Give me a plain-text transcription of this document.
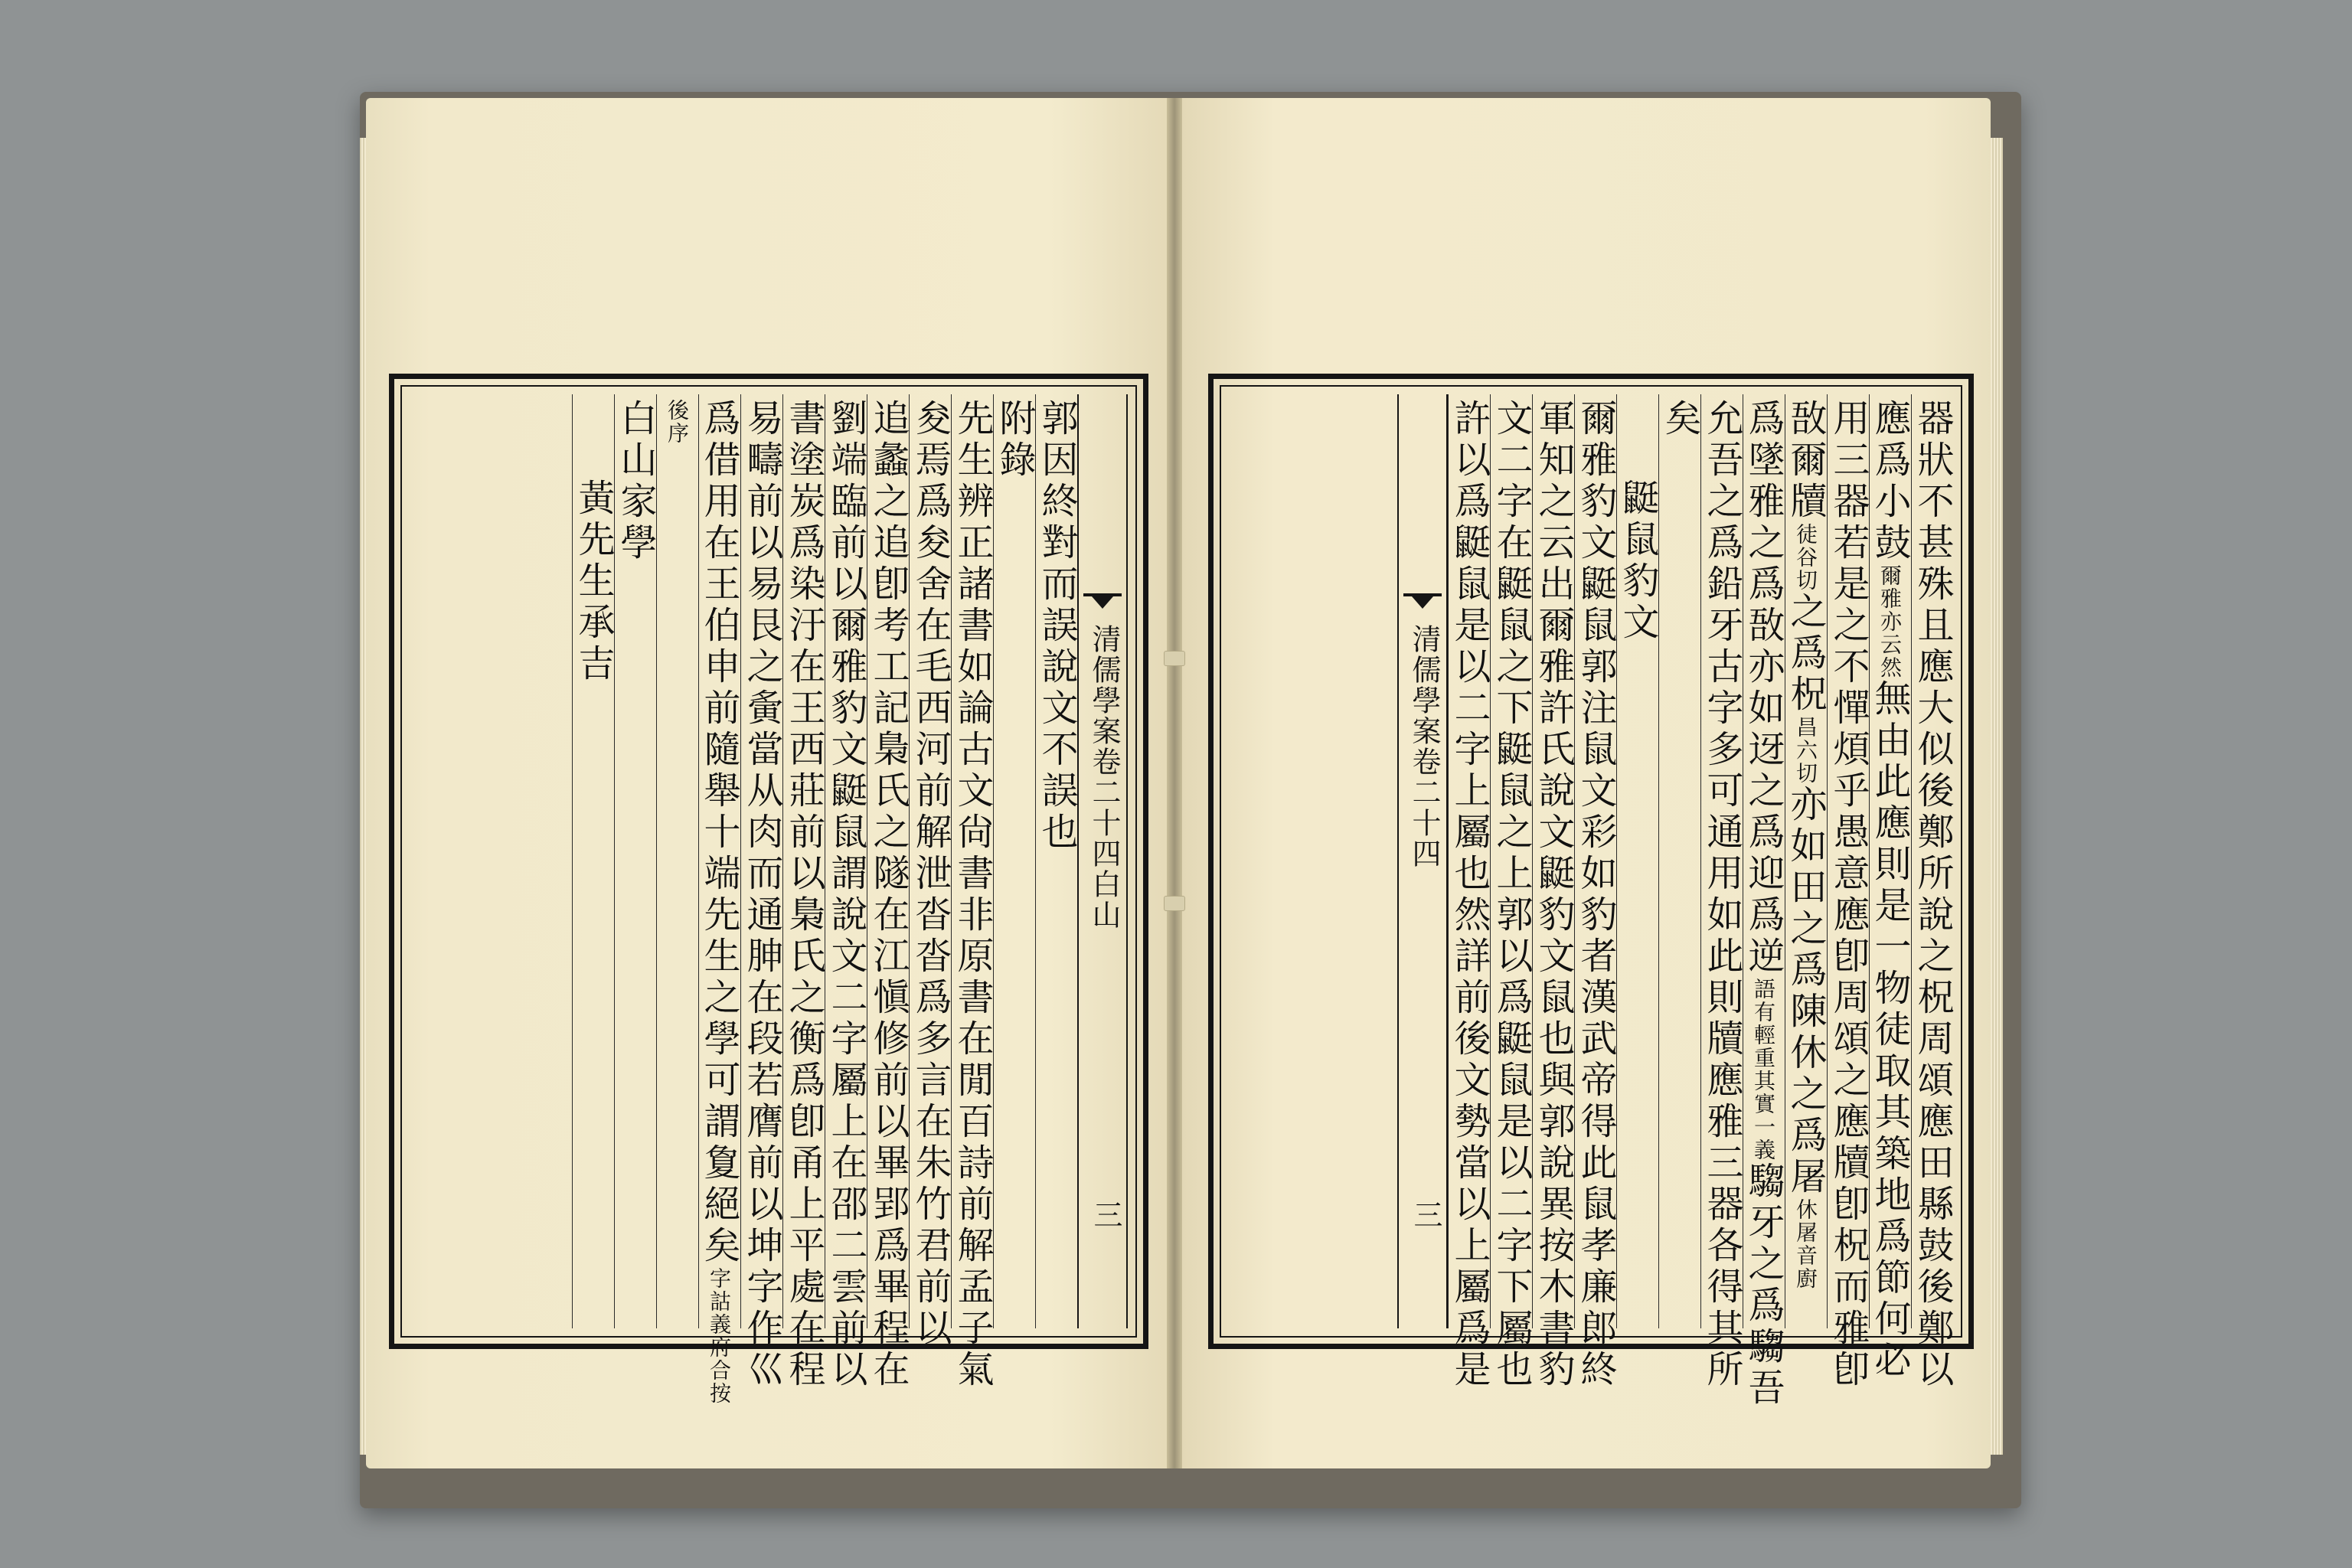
清儒學案卷二十四白山
三
郭因終對而誤說文不誤也
附錄
先生辨正諸書如論古文尙書非原書在閒百詩前解孟子氣
夋焉爲夋舍在毛西河前解泄沓沓爲多言在朱竹君前以
追蠡之追卽考工記梟氏之隧在江愼修前以畢郢爲畢程在
劉端臨前以爾雅豹文鼮鼠謂說文二字屬上在邵二雲前以
書塗炭爲染汙在王西莊前以梟氏之衡爲卽甬上平處在程
易疇前以易艮之夤當从肉而通胂在段若膺前以坤字作巛
爲借用在王伯申前隨舉十端先生之學可謂夐絕矣字詁義府合按
後序
白山家學
黃先生承吉	器狀不甚殊且應大似後鄭所說之柷周頌應田縣鼓後鄭以
應爲小鼓爾雅亦云然無由此應則是一物徒取其築地爲節何必
用三器若是之不憚煩乎愚意應卽周頌之應牘卽柷而雅卽
敔爾牘徒谷切之爲柷昌六切亦如田之爲陳休之爲屠休屠音廚
爲墜雅之爲敔亦如迓之爲迎爲逆語有輕重其實一義騶牙之爲騶吾
允吾之爲鉛牙古字多可通用如此則牘應雅三器各得其所
矣
鼮鼠豹文
爾雅豹文鼮鼠郭注鼠文彩如豹者漢武帝得此鼠孝廉郎終
軍知之云出爾雅許氏說文鼮豹文鼠也與郭說異按木書豹
文二字在鼮鼠之下鼮鼠之上郭以爲鼮鼠是以二字下屬也
許以爲鼮鼠是以二字上屬也然詳前後文勢當以上屬爲是
清儒學案卷二十四
三
